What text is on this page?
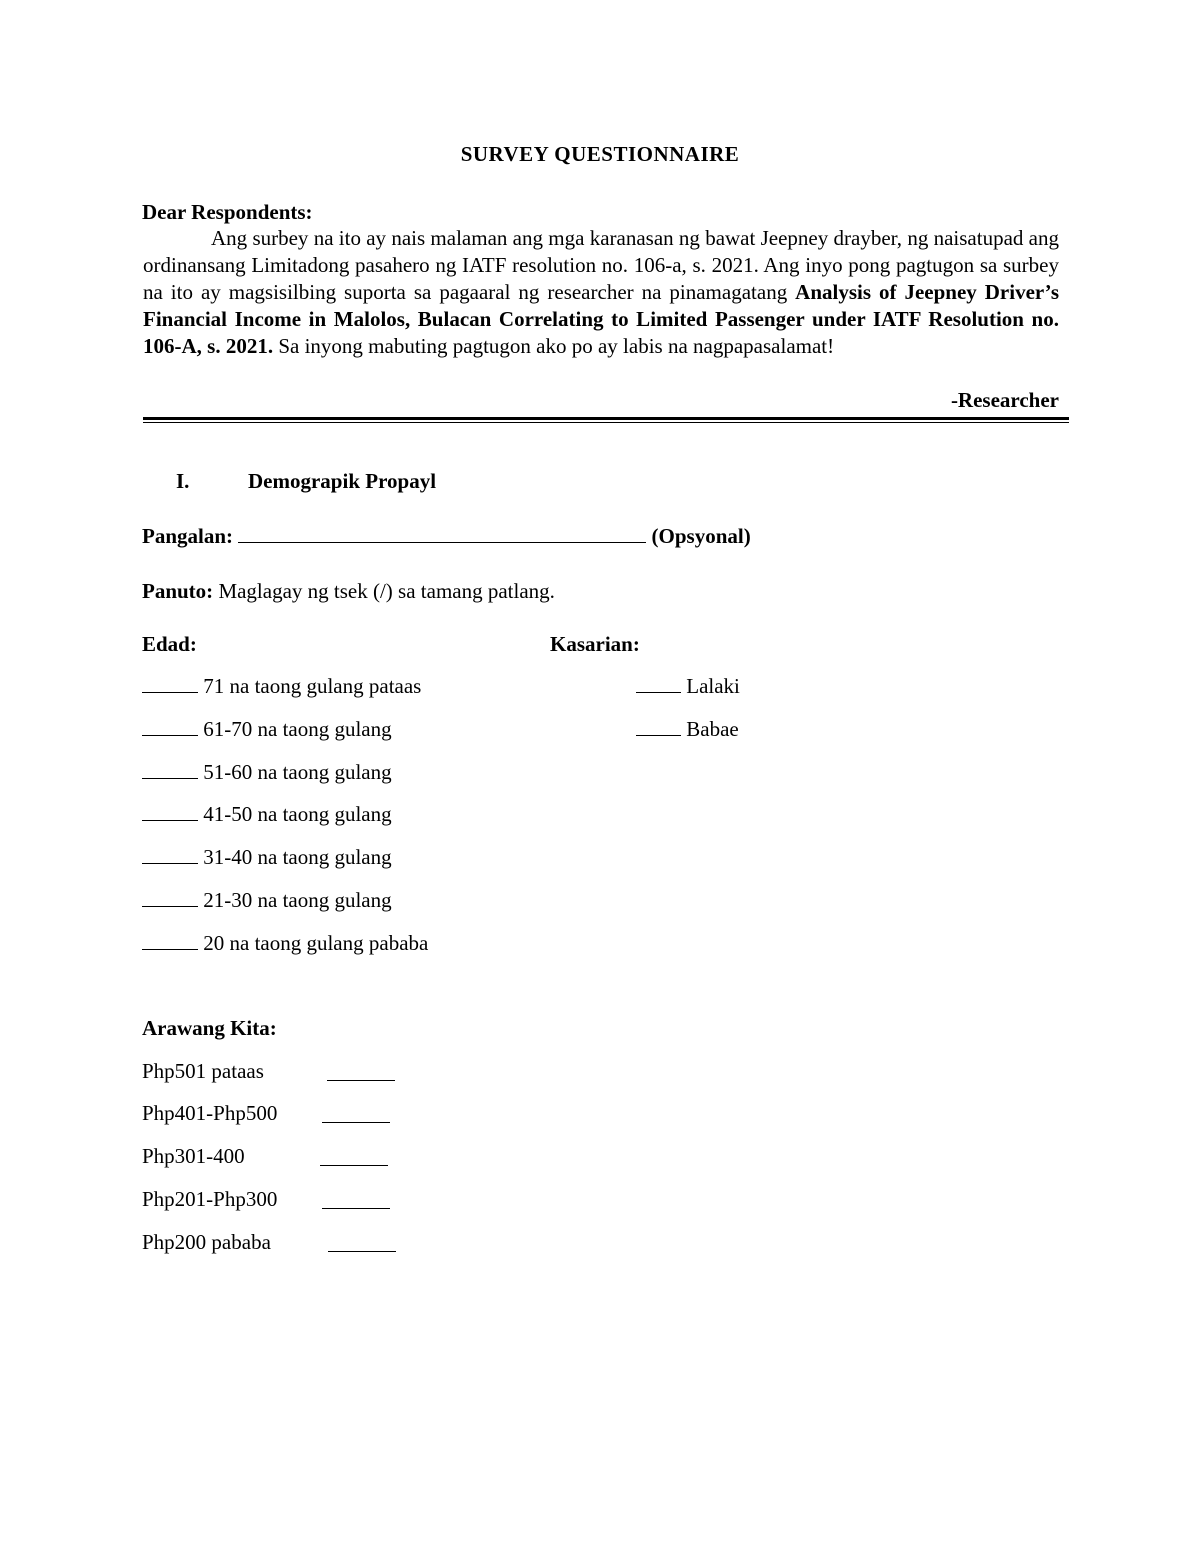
SURVEY QUESTIONNAIRE
Dear Respondents:
Ang surbey na ito ay nais malaman ang mga karanasan ng bawat Jeepney drayber, ng naisatupad ang ordinansang Limitadong pasahero ng IATF resolution no. 106-a, s. 2021. Ang inyo pong pagtugon sa surbey na ito ay magsisilbing suporta sa pagaaral ng researcher na pinamagatang Analysis of Jeepney Driver’s Financial Income in Malolos, Bulacan Correlating to Limited Passenger under IATF Resolution no. 106-A, s. 2021. Sa inyong mabuting pagtugon ako po ay labis na nagpapasalamat!
-Researcher
I.	Demograpik Propayl
Pangalan:	(Opsyonal)
Panuto: Maglagay ng tsek (/) sa tamang patlang.
Edad:	Kasarian:
71 na taong gulang pataas
61-70 na taong gulang
51-60 na taong gulang
41-50 na taong gulang
31-40 na taong gulang
21-30 na taong gulang
20 na taong gulang pababa
Lalaki
Babae
Arawang Kita:
Php501 pataas
Php401-Php500
Php301-400
Php201-Php300
Php200 pababa
